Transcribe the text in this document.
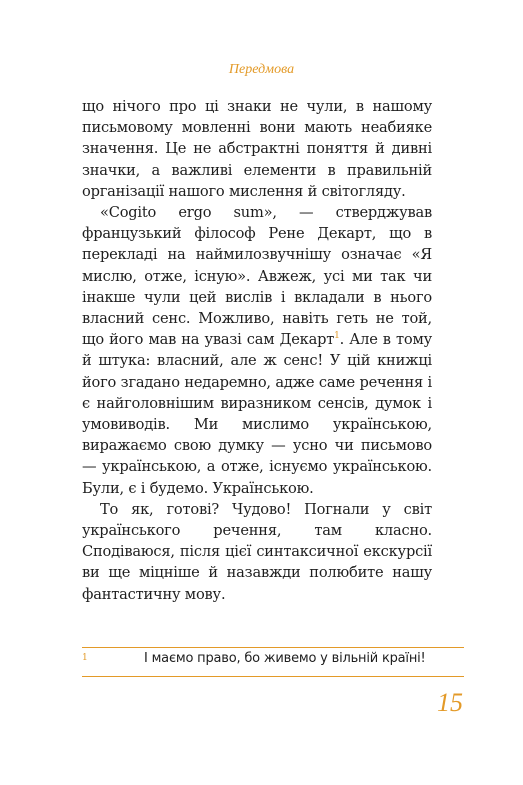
Передмова

що нічого про ці знаки не чули, в нашому письмовому мовленні вони мають неабияке значення. Це не абстрактні поняття й дивні значки, а важливі елементи в правильній організації нашого мислення й світогляду.

«Cogito ergo sum», — стверджував французький філософ Рене Декарт, що в перекладі на наймилозвучнішу означає «Я мислю, отже, існую». Авжеж, усі ми так чи інакше чули цей вислів і вкладали в нього власний сенс. Можливо, навіть геть не той, що його мав на увазі сам Декарт$^1$. Але в тому й штука: власний, але ж сенс! У цій книжці його згадано недаремно, адже саме речення і є найголовнішим виразником сенсів, думок і умовиводів. Ми мислимо українською, виражаємо свою думку — усно чи письмово — українською, а отже, існуємо українською. Були, є і будемо. Українською.

То як, готові? Чудово! Погнали у світ українського речення, там класно. Сподіваюся, після цієї синтаксичної екскурсії ви ще міцніше й назавжди полюбите нашу фантастичну мову.

1	І маємо право, бо живемо у вільній країні!
15
